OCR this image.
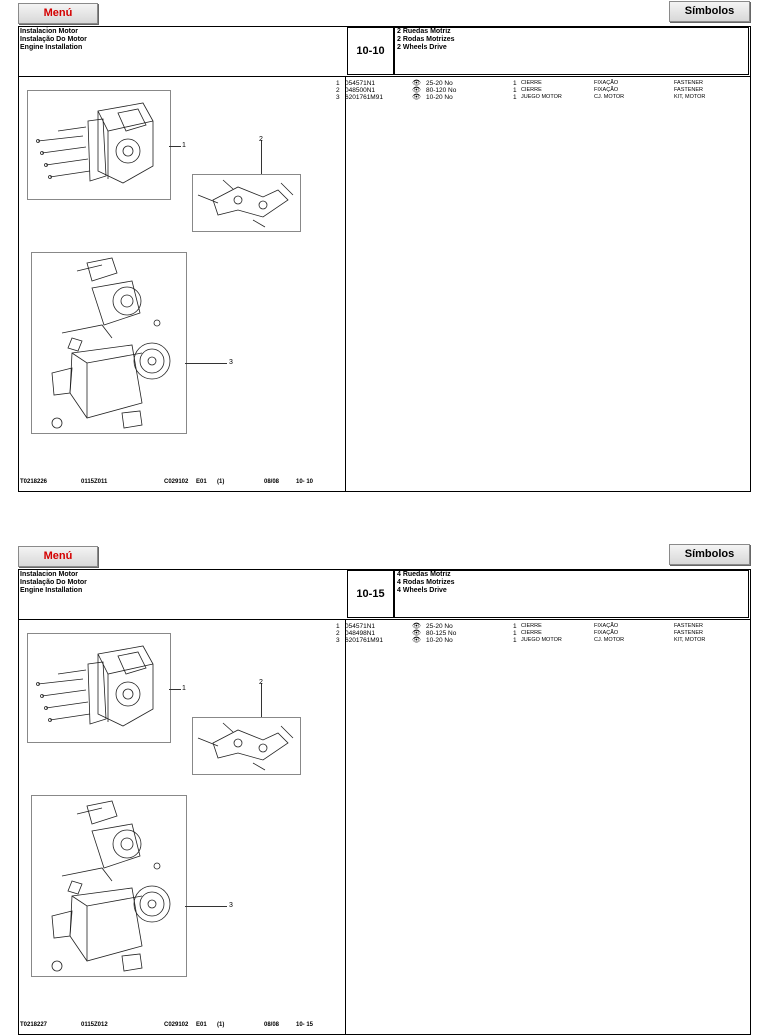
Menú	Símbolos
Instalacion Motor
Instalação Do Motor
Engine Installation	10-10
2 Ruedas Motriz
2 Rodas Motrizes
2 Wheels Drive
1
2
3
1 054571N1	👁 25-20 No	1 CIERRE	FIXAÇÃO	FASTENER
2 048500N1	👁 80-120 No	1 CIERRE	FIXAÇÃO	FASTENER
3 6201761M91	👁 10-20 No	1 JUEGO MOTOR	CJ. MOTOR	KIT, MOTOR
T0218226	0115Z011	C029102 E01 (1)	08/08	10- 10
Menú	Símbolos
Instalacion Motor
Instalação Do Motor
Engine Installation	10-15
4 Ruedas Motriz
4 Rodas Motrizes
4 Wheels Drive
1
2
3
1 054571N1	👁 25-20 No	1 CIERRE	FIXAÇÃO	FASTENER
2 048498N1	👁 80-125 No	1 CIERRE	FIXAÇÃO	FASTENER
3 6201761M91	👁 10-20 No	1 JUEGO MOTOR	CJ. MOTOR	KIT, MOTOR
T0218227	0115Z012	C029102 E01 (1)	08/08	10- 15
